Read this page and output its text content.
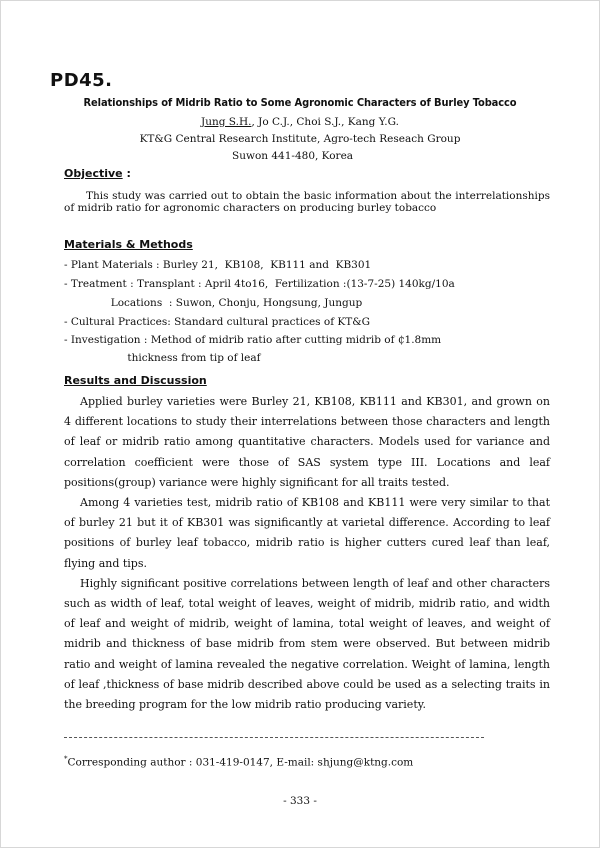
PD45.
Relationships of Midrib Ratio to Some Agronomic Characters of Burley Tobacco
Jung S.H., Jo C.J., Choi S.J., Kang Y.G.
KT&G Central Research Institute, Agro-tech Reseach Group
Suwon 441-480, Korea
Objective :
This study was carried out to obtain the basic information about the interrelationships of midrib ratio for agronomic characters on producing burley tobacco
Materials & Methods
- Plant Materials : Burley 21,  KB108,  KB111 and  KB301
- Treatment : Transplant : April 4to16,  Fertilization :(13-7-25) 140kg/10a
Locations  : Suwon, Chonju, Hongsung, Jungup
- Cultural Practices: Standard cultural practices of KT&G
- Investigation : Method of midrib ratio after cutting midrib of ₵1.8mm
thickness from tip of leaf
Results and Discussion

Applied burley varieties were Burley 21, KB108, KB111 and KB301, and grown on 4 different locations to study their interrelations between those characters and length of leaf or midrib ratio among quantitative characters. Models used for variance and correlation coefficient were those of SAS system type III. Locations and leaf positions(group) variance were highly significant for all traits tested.

Among 4 varieties test, midrib ratio of KB108 and KB111 were very similar to that of burley 21 but it of KB301 was significantly at varietal difference. According to leaf positions of burley leaf tobacco, midrib ratio is higher cutters cured leaf than leaf, flying and tips.

Highly significant positive correlations between length of leaf and other characters such as width of leaf, total weight of leaves, weight of midrib, midrib ratio, and width of leaf and weight of midrib, weight of lamina, total weight of leaves, and weight of midrib and thickness of base midrib from stem were observed. But between midrib ratio and weight of lamina revealed the negative correlation. Weight of lamina, length of leaf ,thickness of base midrib described above could be used as a selecting traits in the breeding program for the low midrib ratio producing variety.

*Corresponding author : 031-419-0147, E-mail: shjung@ktng.com
- 333 -
